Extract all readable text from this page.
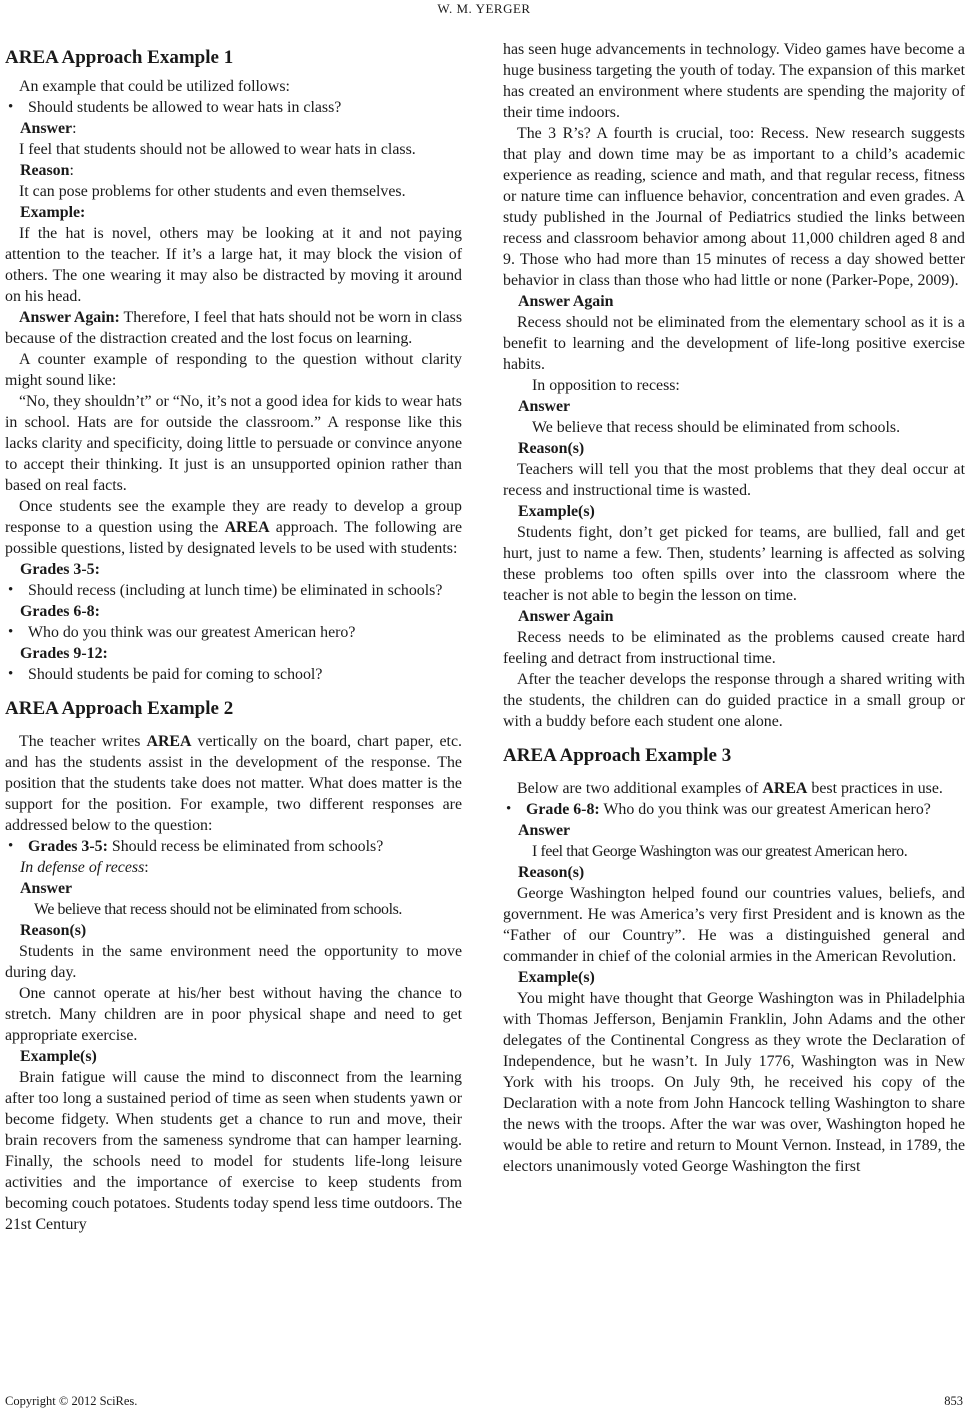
W. M. YERGER
AREA Approach Example 1

An example that could be utilized follows:

• Should students be allowed to wear hats in class?

Answer:

I feel that students should not be allowed to wear hats in class.

Reason:

It can pose problems for other students and even themselves.

Example:

If the hat is novel, others may be looking at it and not paying attention to the teacher. If it’s a large hat, it may block the vision of others. The one wearing it may also be distracted by moving it around on his head.

Answer Again: Therefore, I feel that hats should not be worn in class because of the distraction created and the lost focus on learning.

A counter example of responding to the question without clarity might sound like:

“No, they shouldn’t” or “No, it’s not a good idea for kids to wear hats in school. Hats are for outside the classroom.” A response like this lacks clarity and specificity, doing little to persuade or convince anyone to accept their thinking. It just is an unsupported opinion rather than based on real facts.

Once students see the example they are ready to develop a group response to a question using the AREA approach. The following are possible questions, listed by designated levels to be used with students:

Grades 3-5:

• Should recess (including at lunch time) be eliminated in schools?

Grades 6-8:

• Who do you think was our greatest American hero?

Grades 9-12:

• Should students be paid for coming to school?
AREA Approach Example 2

The teacher writes AREA vertically on the board, chart paper, etc. and has the students assist in the development of the response. The position that the students take does not matter. What does matter is the support for the position. For example, two different responses are addressed below to the question:

• Grades 3-5: Should recess be eliminated from schools?

In defense of recess:

Answer

We believe that recess should not be eliminated from schools.

Reason(s)

Students in the same environment need the opportunity to move during day.

One cannot operate at his/her best without having the chance to stretch. Many children are in poor physical shape and need to get appropriate exercise.

Example(s)

Brain fatigue will cause the mind to disconnect from the learning after too long a sustained period of time as seen when students yawn or become fidgety. When students get a chance to run and move, their brain recovers from the sameness syndrome that can hamper learning. Finally, the schools need to model for students life-long leisure activities and the importance of exercise to keep students from becoming couch potatoes. Students today spend less time outdoors. The 21st Century

has seen huge advancements in technology. Video games have become a huge business targeting the youth of today. The expansion of this market has created an environment where students are spending the majority of their time indoors.

The 3 R’s? A fourth is crucial, too: Recess. New research suggests that play and down time may be as important to a child’s academic experience as reading, science and math, and that regular recess, fitness or nature time can influence behavior, concentration and even grades. A study published in the Journal of Pediatrics studied the links between recess and classroom behavior among about 11,000 children aged 8 and 9. Those who had more than 15 minutes of recess a day showed better behavior in class than those who had little or none (Parker-Pope, 2009).

Answer Again

Recess should not be eliminated from the elementary school as it is a benefit to learning and the development of life-long positive exercise habits.

In opposition to recess:

Answer

We believe that recess should be eliminated from schools.

Reason(s)

Teachers will tell you that the most problems that they deal occur at recess and instructional time is wasted.

Example(s)

Students fight, don’t get picked for teams, are bullied, fall and get hurt, just to name a few. Then, students’ learning is affected as solving these problems too often spills over into the classroom where the teacher is not able to begin the lesson on time.

Answer Again

Recess needs to be eliminated as the problems caused create hard feeling and detract from instructional time.

After the teacher develops the response through a shared writing with the students, the children can do guided practice in a small group or with a buddy before each student one alone.

AREA Approach Example 3

Below are two additional examples of AREA best practices in use.

• Grade 6-8: Who do you think was our greatest American hero?

Answer

I feel that George Washington was our greatest American hero.

Reason(s)

George Washington helped found our countries values, beliefs, and government. He was America’s very first President and is known as the “Father of our Country”. He was a distinguished general and commander in chief of the colonial armies in the American Revolution.

Example(s)

You might have thought that George Washington was in Philadelphia with Thomas Jefferson, Benjamin Franklin, John Adams and the other delegates of the Continental Congress as they wrote the Declaration of Independence, but he wasn’t. In July 1776, Washington was in New York with his troops. On July 9th, he received his copy of the Declaration with a note from John Hancock telling Washington to share the news with the troops. After the war was over, Washington hoped he would be able to retire and return to Mount Vernon. Instead, in 1789, the electors unanimously voted George Washington the first

Copyright © 2012 SciRes.	853
